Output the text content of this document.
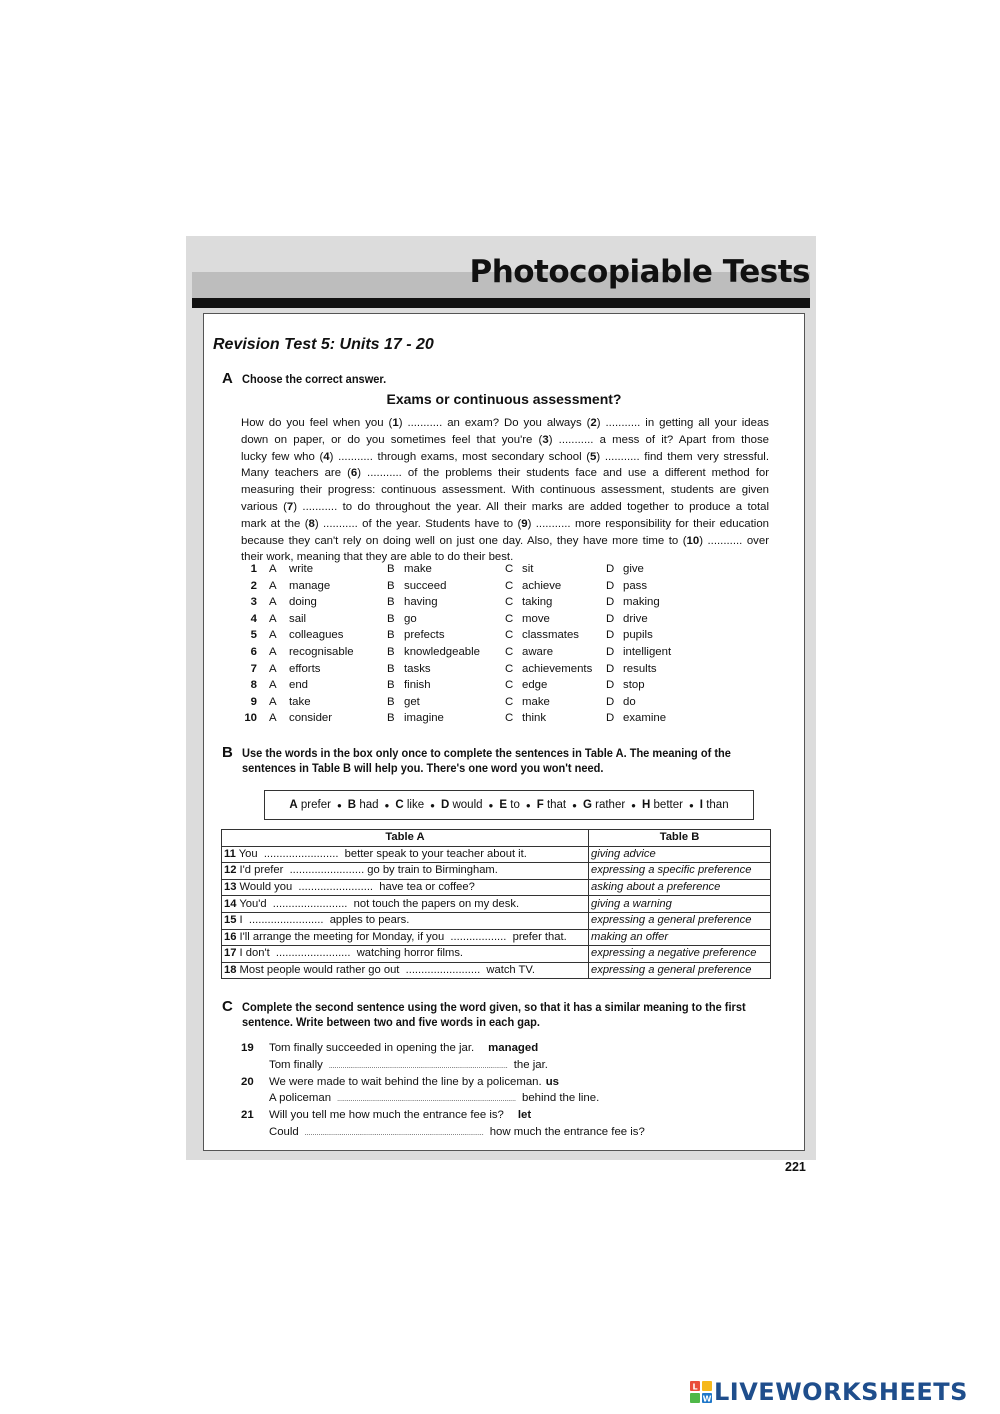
Photocopiable Tests
Revision Test 5: Units 17 - 20
A Choose the correct answer.
Exams or continuous assessment?
How do you feel when you (1) ........... an exam? Do you always (2) ........... in getting all your ideas
down on paper, or do you sometimes feel that you're (3) ........... a mess of it? Apart from those
lucky few who (4) ........... through exams, most secondary school (5) ........... find them very stressful.
Many teachers are (6) ........... of the problems their students face and use a different method for
measuring their progress: continuous assessment. With continuous assessment, students are given
various (7) ........... to do throughout the year. All their marks are added together to produce a total
mark at the (8) ........... of the year. Students have to (9) ........... more responsibility for their education
because they can't rely on doing well on just one day. Also, they have more time to (10) ........... over
their work, meaning that they are able to do their best.
1 A write	B make	C sit	D give
2 A manage	B succeed	C achieve	D pass
3 A doing	B having	C taking	D making
4 A sail	B go	C move	D drive
5 A colleagues	B prefects	C classmates D pupils
6 A recognisable	B knowledgeable C aware	D intelligent
7 A efforts	B tasks	C achievements D results
8 A end	B finish	C edge	D stop
9 A take	B get	C make	D do
10 A consider	B imagine	C think	D examine
B Use the words in the box only once to complete the sentences in Table A. The meaning of the
sentences in Table B will help you. There's one word you won't need.
A prefer ● B had ● C like ● D would ● E to ● F that ● G rather ● H better ● I than
Table A	Table B
11 You  ........................  better speak to your teacher about it.	giving advice
12 I'd prefer  ........................ go by train to Birmingham.	expressing a specific preference
13 Would you  ........................  have tea or coffee?	asking about a preference
14 You'd  ........................  not touch the papers on my desk.	giving a warning
15 I  ........................  apples to pears.	expressing a general preference
16 I'll arrange the meeting for Monday, if you  ..................  prefer that.	making an offer
17 I don't  ........................  watching horror films.	expressing a negative preference
18 Most people would rather go out  ........................  watch TV.	expressing a general preference
C Complete the second sentence using the word given, so that it has a similar meaning to the first
sentence. Write between two and five words in each gap.
19 Tom finally succeeded in opening the jar. managed
Tom finally ............................................................................................ the jar.
20 We were made to wait behind the line by a policeman. us
A policeman ............................................................................................ behind the line.
21 Will you tell me how much the entrance fee is? let
Could ............................................................................................ how much the entrance fee is?
221
L
W LIVEWORKSHEETS
